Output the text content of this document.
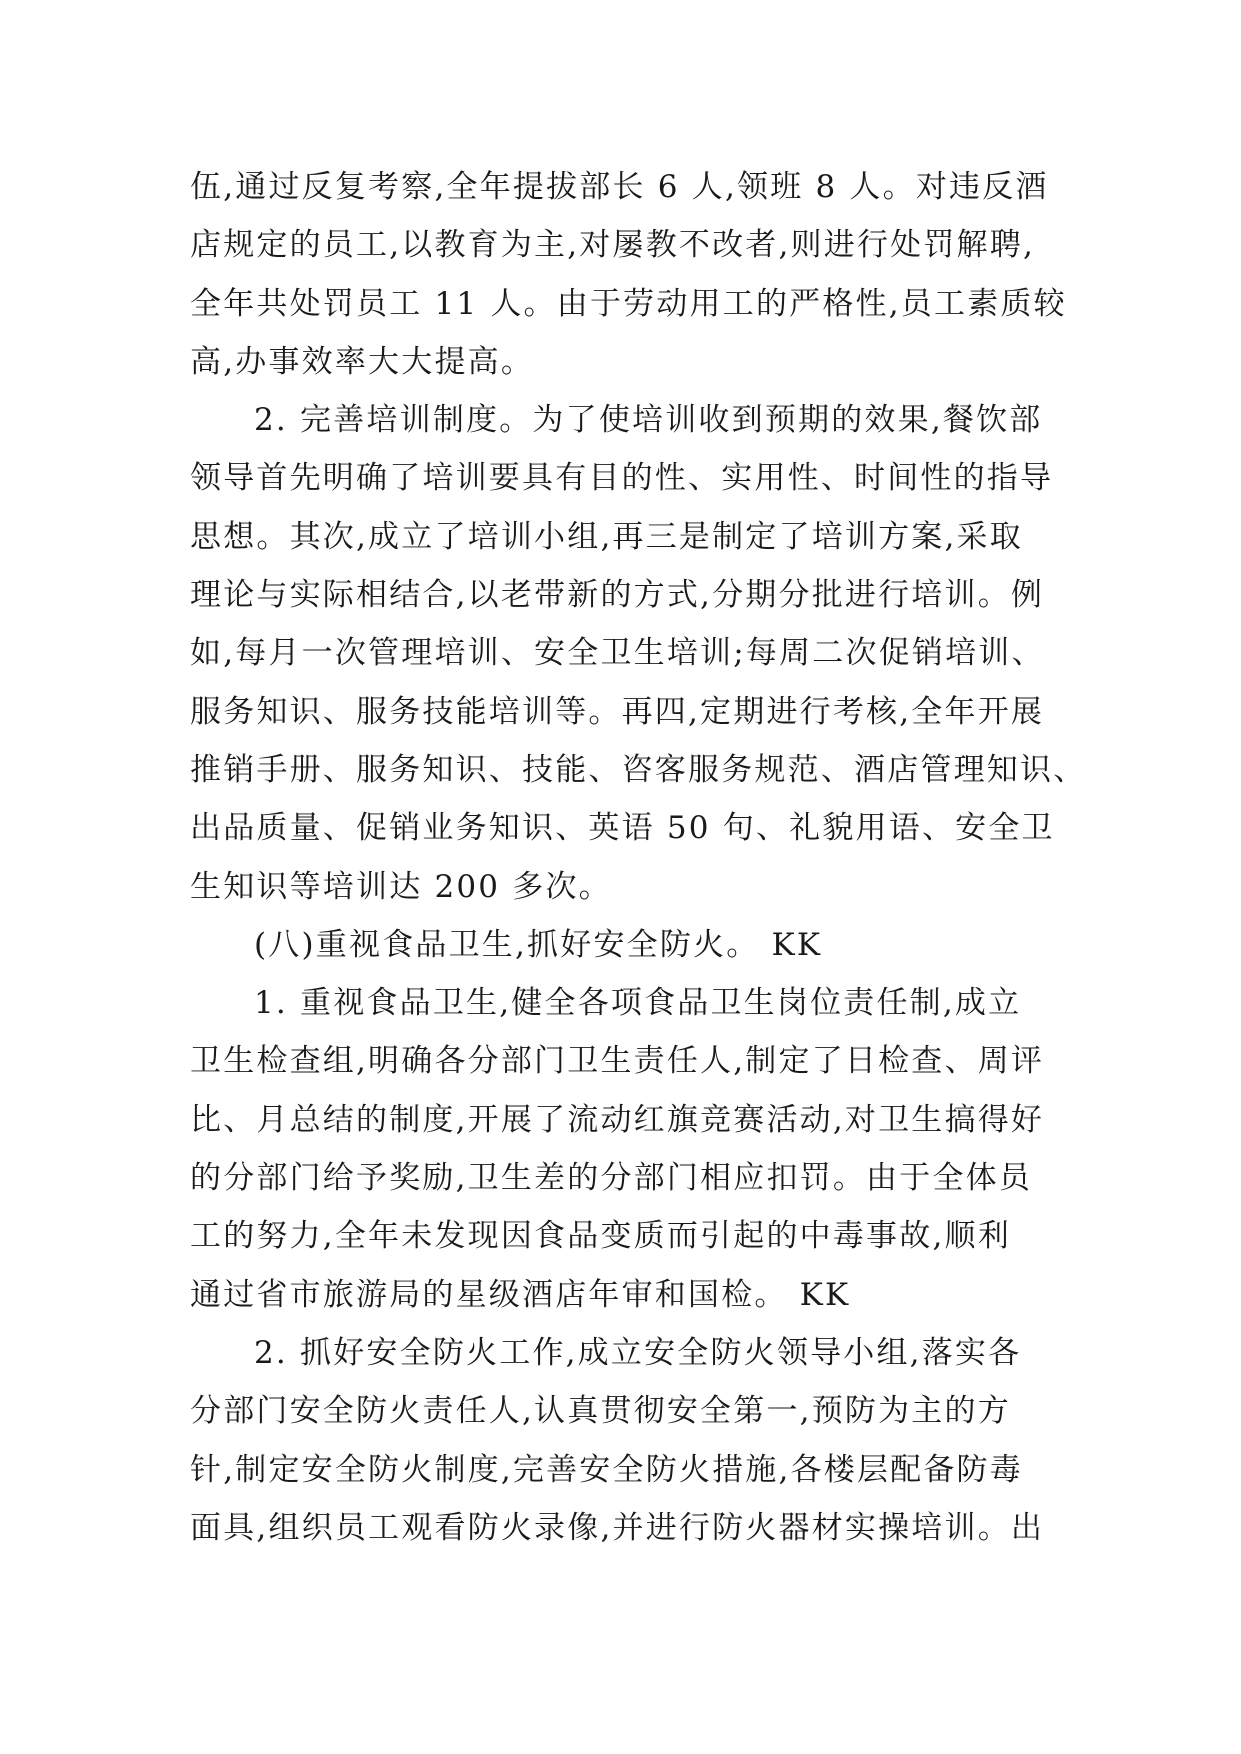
伍,通过反复考察,全年提拔部长 6 人,领班 8 人。对违反酒
店规定的员工,以教育为主,对屡教不改者,则进行处罚解聘,
全年共处罚员工 11 人。由于劳动用工的严格性,员工素质较
高,办事效率大大提高。
2. 完善培训制度。为了使培训收到预期的效果,餐饮部
领导首先明确了培训要具有目的性、实用性、时间性的指导
思想。其次,成立了培训小组,再三是制定了培训方案,采取
理论与实际相结合,以老带新的方式,分期分批进行培训。例
如,每月一次管理培训、安全卫生培训;每周二次促销培训、
服务知识、服务技能培训等。再四,定期进行考核,全年开展
推销手册、服务知识、技能、咨客服务规范、酒店管理知识、
出品质量、促销业务知识、英语 50 句、礼貌用语、安全卫
生知识等培训达 200 多次。
(八)重视食品卫生,抓好安全防火。 KK
1. 重视食品卫生,健全各项食品卫生岗位责任制,成立
卫生检查组,明确各分部门卫生责任人,制定了日检查、周评
比、月总结的制度,开展了流动红旗竞赛活动,对卫生搞得好
的分部门给予奖励,卫生差的分部门相应扣罚。由于全体员
工的努力,全年未发现因食品变质而引起的中毒事故,顺利
通过省市旅游局的星级酒店年审和国检。 KK
2. 抓好安全防火工作,成立安全防火领导小组,落实各
分部门安全防火责任人,认真贯彻安全第一,预防为主的方
针,制定安全防火制度,完善安全防火措施,各楼层配备防毒
面具,组织员工观看防火录像,并进行防火器材实操培训。出
